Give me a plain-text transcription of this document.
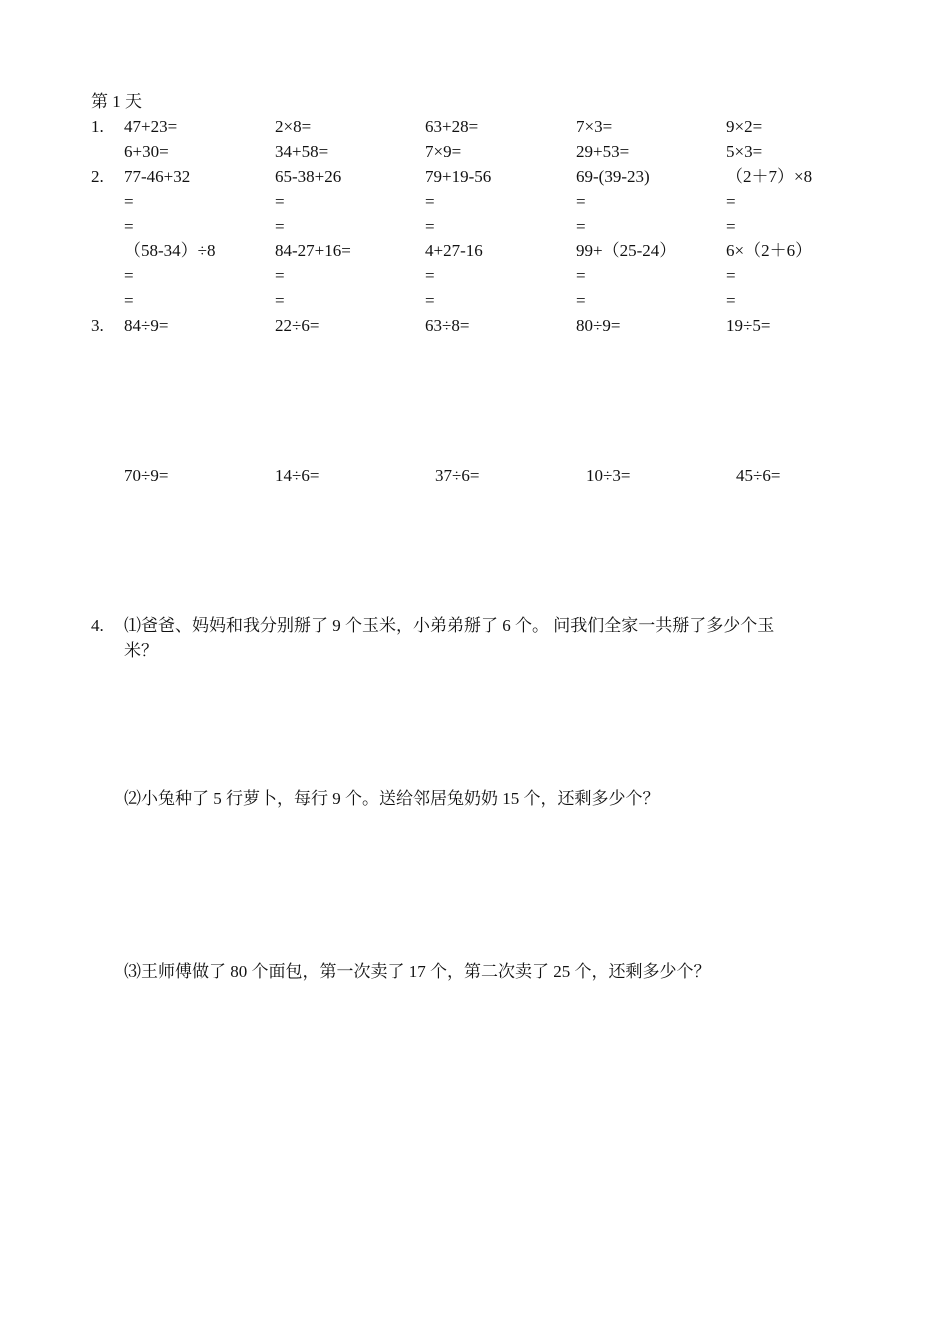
第 1 天
1. 47+23=	2×8=	63+28=	7×3=	9×2=
6+30=	34+58=	7×9=	29+53=	5×3=
2. 77-46+32	65-38+26	79+19-56	69-(39-23)	（2＋7）×8
=	=	=	=	=
=	=	=	=	=
（58-34）÷8	84-27+16=	4+27-16	99+（25-24）	6×（2＋6）
=	=	=	=	=
=	=	=	=	=
3. 84÷9=	22÷6=	63÷8=	80÷9=	19÷5=
70÷9=	14÷6=	37÷6=	10÷3=	45÷6=
4. ⑴爸爸、妈妈和我分别掰了 9 个玉米，小弟弟掰了 6 个。 问我们全家一共掰了多少个玉
米？
⑵小兔种了 5 行萝卜，每行 9 个。送给邻居兔奶奶 15 个，还剩多少个？
⑶王师傅做了 80 个面包，第一次卖了 17 个，第二次卖了 25 个，还剩多少个？
